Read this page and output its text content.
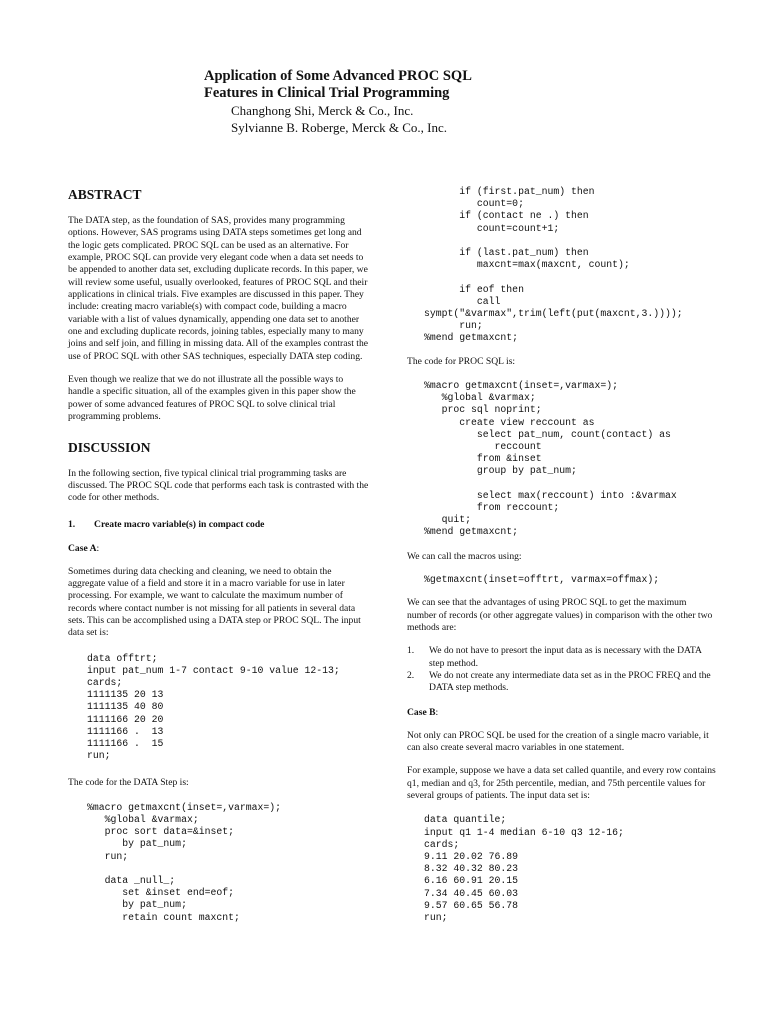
Application of Some Advanced PROC SQL
Features in Clinical Trial Programming
Changhong Shi, Merck & Co., Inc.
Sylvianne B. Roberge, Merck & Co., Inc.
ABSTRACT

The DATA step, as the foundation of SAS, provides many programming options. However, SAS programs using DATA steps sometimes get long and the logic gets complicated. PROC SQL can be used as an alternative. For example, PROC SQL can provide very elegant code when a data set needs to be appended to another data set, excluding duplicate records. In this paper, we will review some useful, usually overlooked, features of PROC SQL and their applications in clinical trials. Five examples are discussed in this paper. They include: creating macro variable(s) with compact code, building a macro variable with a list of values dynamically, appending one data set to another one and excluding duplicate records, joining tables, especially many to many joins and self join, and filling in missing data. All of the examples contrast the use of PROC SQL with other SAS techniques, especially DATA step coding.

Even though we realize that we do not illustrate all the possible ways to handle a specific situation, all of the examples given in this paper show the power of some advanced features of PROC SQL to solve clinical trial programming problems.

DISCUSSION

In the following section, five typical clinical trial programming tasks are discussed. The PROC SQL code that performs each task is contrasted with the code for other methods.

1. Create macro variable(s) in compact code
Case A:

Sometimes during data checking and cleaning, we need to obtain the aggregate value of a field and store it in a macro variable for use in later processing. For example, we want to calculate the maximum number of records where contact number is not missing for all patients in several data sets. This can be accomplished using a DATA step or PROC SQL. The input data set is:

data offtrt;
input pat_num 1-7 contact 9-10 value 12-13;
cards;
1111135 20 13
1111135 40 80
1111166 20 20
1111166 .  13
1111166 .  15
run;

The code for the DATA Step is:

%macro getmaxcnt(inset=,varmax=);
%global &varmax;
proc sort data=&inset;
by pat_num;
run;

data _null_;
set &inset end=eof;
by pat_num;
retain count maxcnt;
if (first.pat_num) then
count=0;
if (contact ne .) then
count=count+1;

if (last.pat_num) then
maxcnt=max(maxcnt, count);

if eof then
call
sympt("&varmax",trim(left(put(maxcnt,3.))));
run;
%mend getmaxcnt;

The code for PROC SQL is:

%macro getmaxcnt(inset=,varmax=);
%global &varmax;
proc sql noprint;
create view reccount as
select pat_num, count(contact) as
reccount
from &inset
group by pat_num;

select max(reccount) into :&varmax
from reccount;
quit;
%mend getmaxcnt;

We can call the macros using:

%getmaxcnt(inset=offtrt, varmax=offmax);

We can see that the advantages of using PROC SQL to get the maximum number of records (or other aggregate values) in comparison with the other two methods are:

1. We do not have to presort the input data as is necessary with the DATA step method.
2. We do not create any intermediate data set as in the PROC FREQ and the DATA step methods.
Case B:

Not only can PROC SQL be used for the creation of a single macro variable, it can also create several macro variables in one statement.

For example, suppose we have a data set called quantile, and every row contains q1, median and q3, for 25th percentile, median, and 75th percentile values for several groups of patients. The input data set is:

data quantile;
input q1 1-4 median 6-10 q3 12-16;
cards;
9.11 20.02 76.89
8.32 40.32 80.23
6.16 60.91 20.15
7.34 40.45 60.03
9.57 60.65 56.78
run;
